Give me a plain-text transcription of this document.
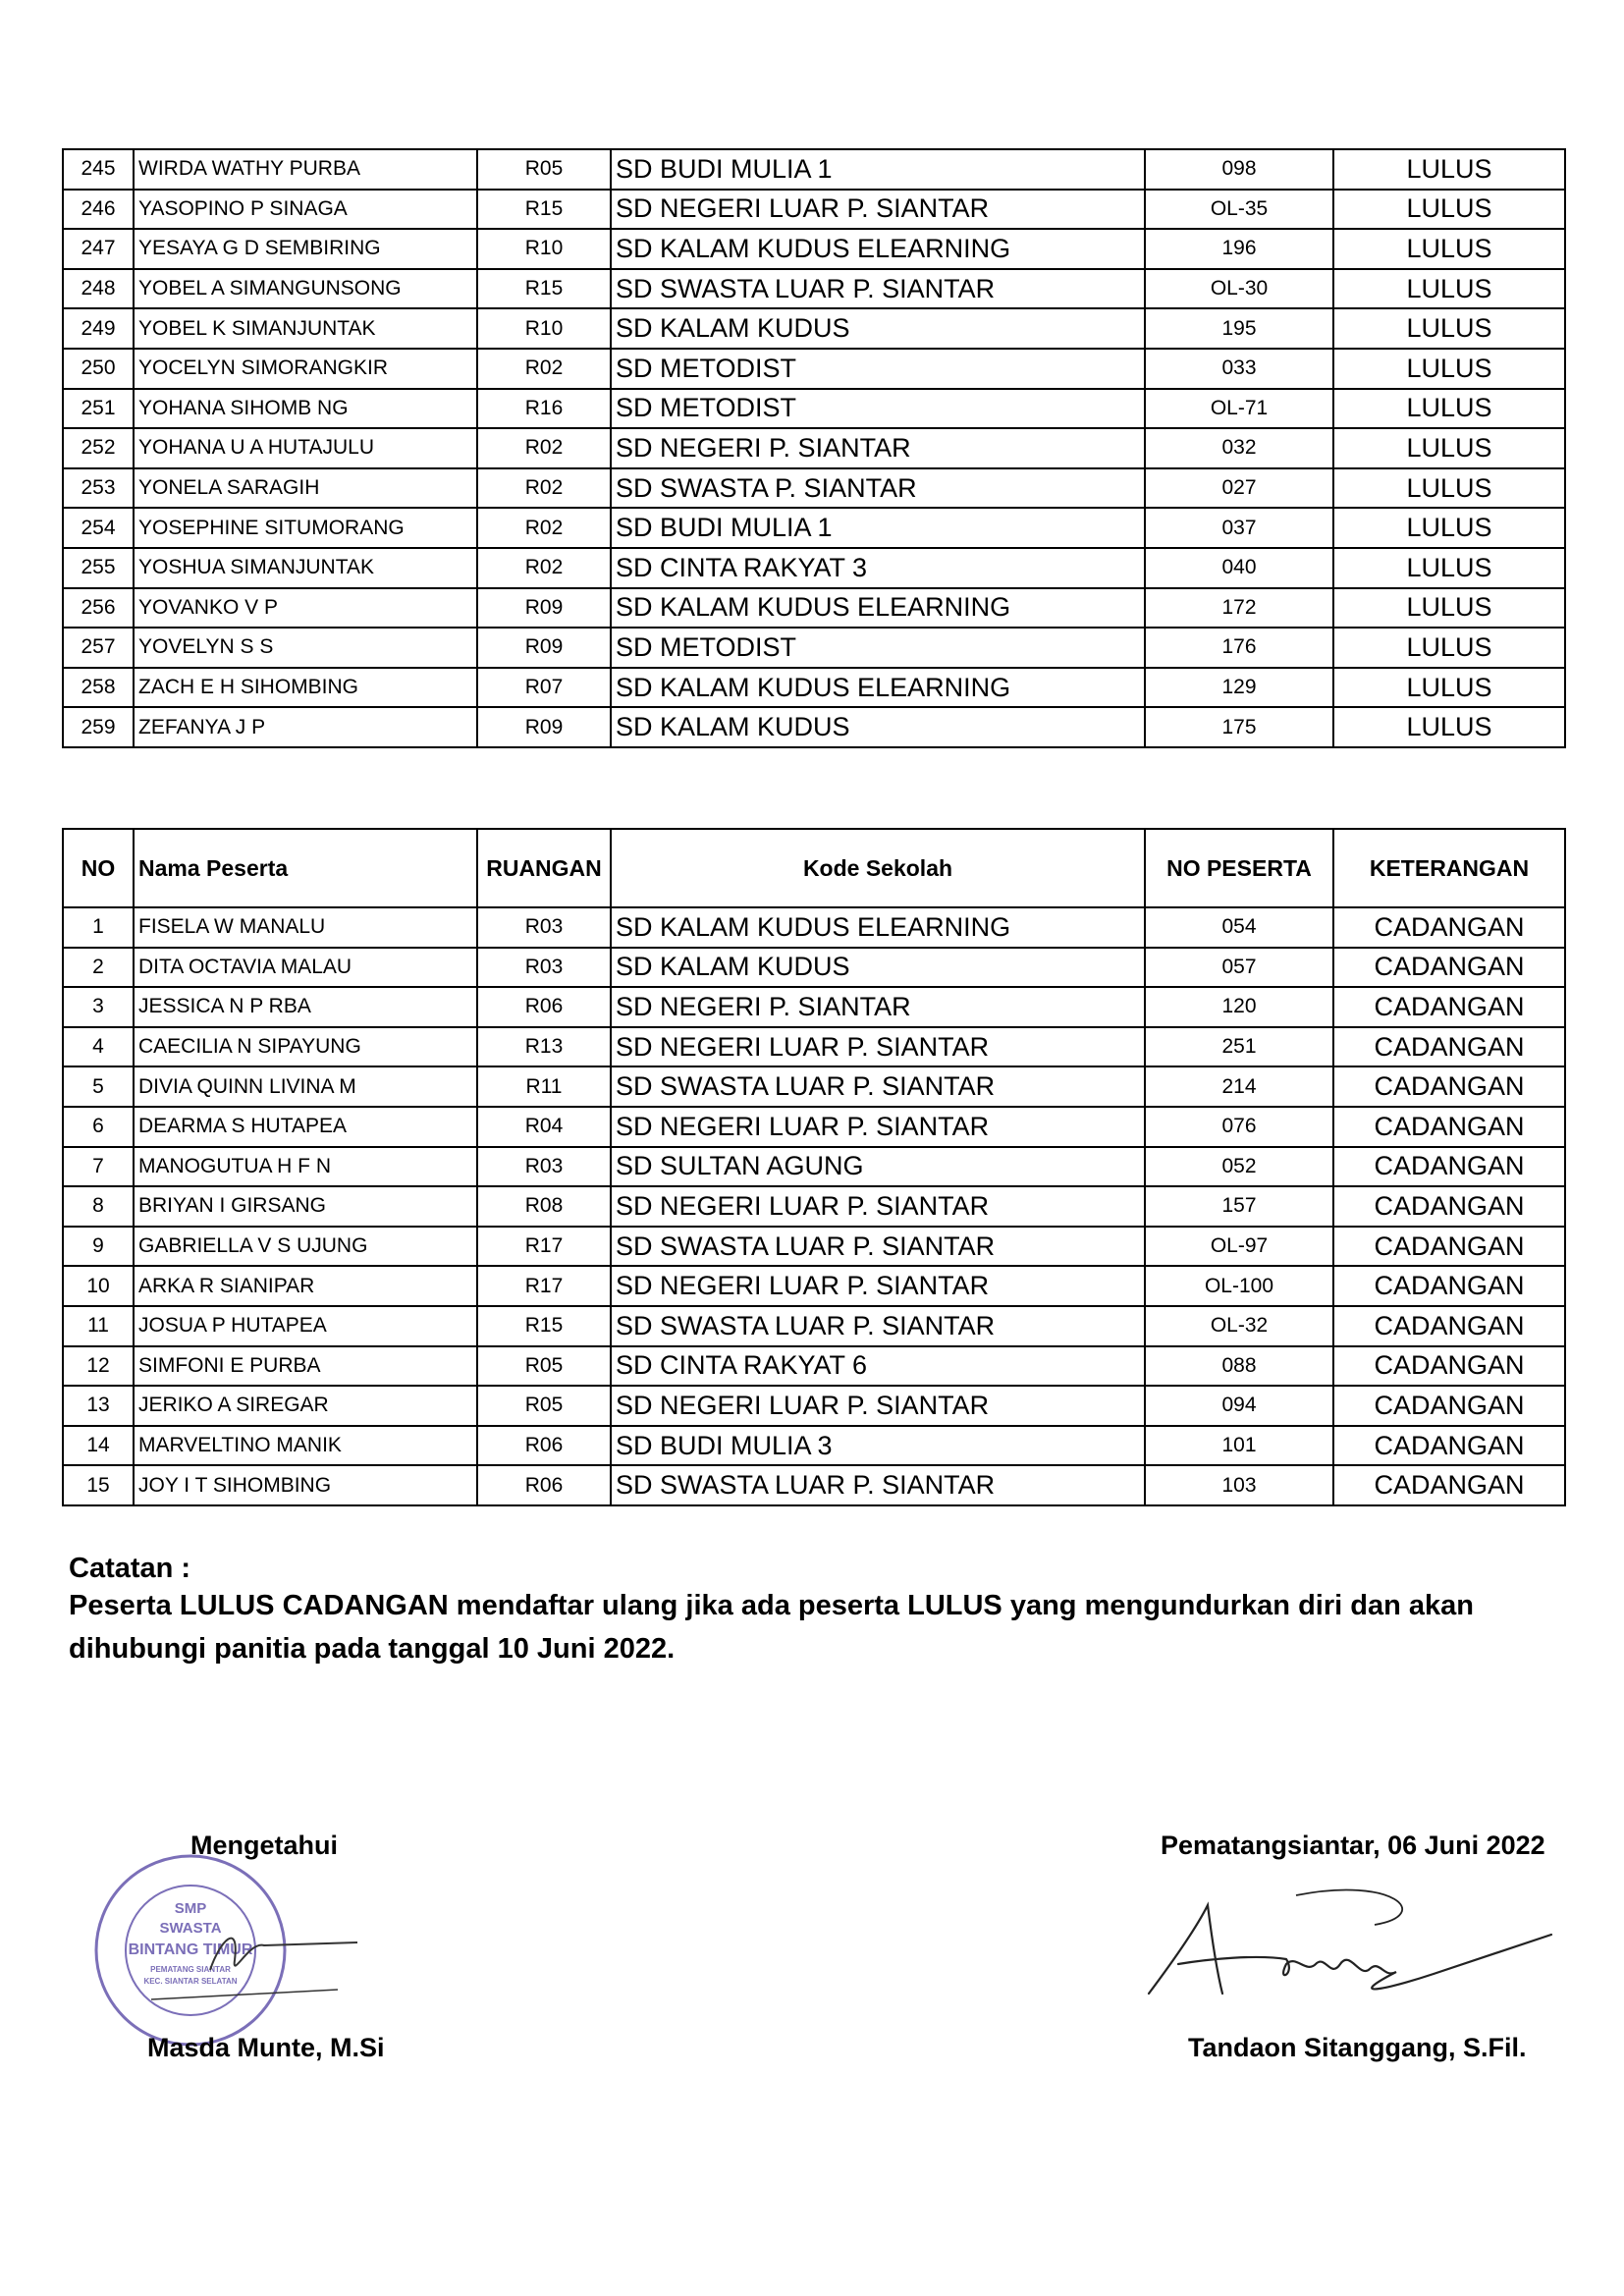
245	WIRDA WATHY PURBA	R05	SD BUDI MULIA 1	098	LULUS
246	YASOPINO P SINAGA	R15	SD NEGERI LUAR P. SIANTAR	OL-35	LULUS
247	YESAYA G D SEMBIRING	R10	SD KALAM KUDUS ELEARNING	196	LULUS
248	YOBEL A SIMANGUNSONG	R15	SD SWASTA LUAR P. SIANTAR	OL-30	LULUS
249	YOBEL K SIMANJUNTAK	R10	SD KALAM KUDUS	195	LULUS
250	YOCELYN SIMORANGKIR	R02	SD METODIST	033	LULUS
251	YOHANA SIHOMB NG	R16	SD METODIST	OL-71	LULUS
252	YOHANA U A HUTAJULU	R02	SD NEGERI P. SIANTAR	032	LULUS
253	YONELA SARAGIH	R02	SD SWASTA P. SIANTAR	027	LULUS
254	YOSEPHINE SITUMORANG	R02	SD BUDI MULIA 1	037	LULUS
255	YOSHUA SIMANJUNTAK	R02	SD CINTA RAKYAT 3	040	LULUS
256	YOVANKO V P	R09	SD KALAM KUDUS ELEARNING	172	LULUS
257	YOVELYN S S	R09	SD METODIST	176	LULUS
258	ZACH E H SIHOMBING	R07	SD KALAM KUDUS ELEARNING	129	LULUS
259	ZEFANYA J P	R09	SD KALAM KUDUS	175	LULUS
NO	Nama Peserta	RUANGAN	Kode Sekolah	NO PESERTA	KETERANGAN
1	FISELA W MANALU	R03	SD KALAM KUDUS ELEARNING	054	CADANGAN
2	DITA OCTAVIA MALAU	R03	SD KALAM KUDUS	057	CADANGAN
3	JESSICA N P RBA	R06	SD NEGERI P. SIANTAR	120	CADANGAN
4	CAECILIA N SIPAYUNG	R13	SD NEGERI LUAR P. SIANTAR	251	CADANGAN
5	DIVIA QUINN LIVINA M	R11	SD SWASTA LUAR P. SIANTAR	214	CADANGAN
6	DEARMA S HUTAPEA	R04	SD NEGERI LUAR P. SIANTAR	076	CADANGAN
7	MANOGUTUA H F N	R03	SD SULTAN AGUNG	052	CADANGAN
8	BRIYAN I GIRSANG	R08	SD NEGERI LUAR P. SIANTAR	157	CADANGAN
9	GABRIELLA V S UJUNG	R17	SD SWASTA LUAR P. SIANTAR	OL-97	CADANGAN
10	ARKA R SIANIPAR	R17	SD NEGERI LUAR P. SIANTAR	OL-100	CADANGAN
11	JOSUA P HUTAPEA	R15	SD SWASTA LUAR P. SIANTAR	OL-32	CADANGAN
12	SIMFONI E PURBA	R05	SD CINTA RAKYAT 6	088	CADANGAN
13	JERIKO A SIREGAR	R05	SD NEGERI LUAR P. SIANTAR	094	CADANGAN
14	MARVELTINO MANIK	R06	SD BUDI MULIA 3	101	CADANGAN
15	JOY I T SIHOMBING	R06	SD SWASTA LUAR P. SIANTAR	103	CADANGAN
Catatan :
Peserta LULUS CADANGAN mendaftar ulang jika ada peserta LULUS yang mengundurkan diri dan akan
dihubungi panitia pada tanggal 10 Juni 2022.
SMP
SWASTA
BINTANG TIMUR
PEMATANG SIANTAR
KEC. SIANTAR SELATAN
Mengetahui	Pematangsiantar, 06 Juni 2022
Masda Munte, M.Si	Tandaon Sitanggang, S.Fil.
